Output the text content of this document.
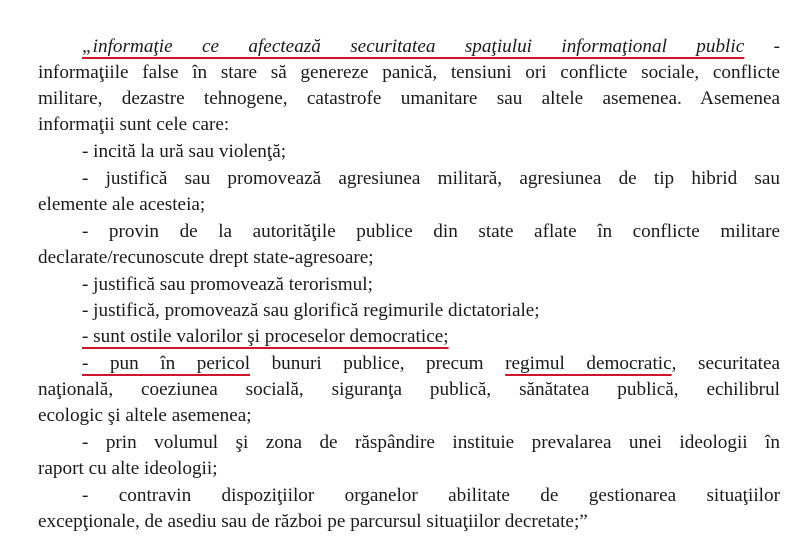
„informaţie ce afectează securitatea spaţiului informaţional public -
informaţiile false în stare să genereze panică, tensiuni ori conflicte sociale, conflicte
militare, dezastre tehnogene, catastrofe umanitare sau altele asemenea. Asemenea
informaţii sunt cele care:
- incită la ură sau violenţă;
- justifică sau promovează agresiunea militară, agresiunea de tip hibrid sau
elemente ale acesteia;
- provin de la autorităţile publice din state aflate în conflicte militare
declarate/recunoscute drept state-agresoare;
- justifică sau promovează terorismul;
- justifică, promovează sau glorifică regimurile dictatoriale;
- sunt ostile valorilor şi proceselor democratice;
- pun în pericol bunuri publice, precum regimul democratic, securitatea
naţională, coeziunea socială, siguranţa publică, sănătatea publică, echilibrul
ecologic şi altele asemenea;
- prin volumul şi zona de răspândire instituie prevalarea unei ideologii în
raport cu alte ideologii;
- contravin dispoziţiilor organelor abilitate de gestionarea situaţiilor
excepţionale, de asediu sau de război pe parcursul situaţiilor decretate;”
